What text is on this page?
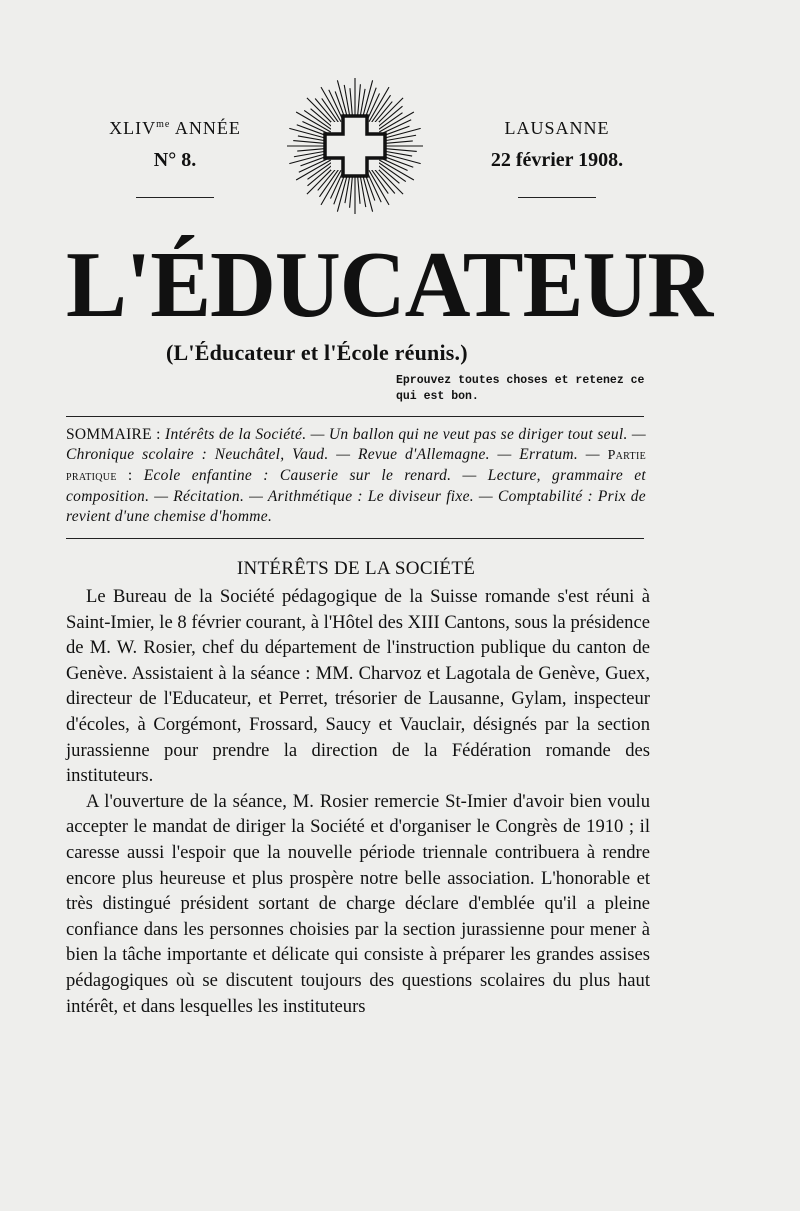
$XLIV^{me}$ ANNÉE
N° 8.
LAUSANNE
22 février 1908.
L'ÉDUCATEUR
(L'Éducateur et l'École réunis.)
Eprouvez toutes choses et retenez ce qui est bon.
SOMMAIRE : Intérêts de la Société. — Un ballon qui ne veut pas se diriger tout seul. — Chronique scolaire : Neuchâtel, Vaud. — Revue d'Allemagne. — Erratum. — Partie pratique : Ecole enfantine : Causerie sur le renard. — Lecture, grammaire et composition. — Récitation. — Arithmétique : Le diviseur fixe. — Comptabilité : Prix de revient d'une chemise d'homme.
INTÉRÊTS DE LA SOCIÉTÉ

Le Bureau de la Société pédagogique de la Suisse romande s'est réuni à Saint-Imier, le 8 février courant, à l'Hôtel des XIII Cantons, sous la présidence de M. W. Rosier, chef du département de l'instruction publique du canton de Genève. Assistaient à la séance : MM. Charvoz et Lagotala de Genève, Guex, directeur de l'Educateur, et Perret, trésorier de Lausanne, Gylam, inspecteur d'écoles, à Corgémont, Frossard, Saucy et Vauclair, désignés par la section jurassienne pour prendre la direction de la Fédération romande des instituteurs.

A l'ouverture de la séance, M. Rosier remercie St-Imier d'avoir bien voulu accepter le mandat de diriger la Société et d'organiser le Congrès de 1910 ; il caresse aussi l'espoir que la nouvelle période triennale contribuera à rendre encore plus heureuse et plus prospère notre belle association. L'honorable et très distingué président sortant de charge déclare d'emblée qu'il a pleine confiance dans les personnes choisies par la section jurassienne pour mener à bien la tâche importante et délicate qui consiste à préparer les grandes assises pédagogiques où se discutent toujours des questions scolaires du plus haut intérêt, et dans lesquelles les instituteurs
